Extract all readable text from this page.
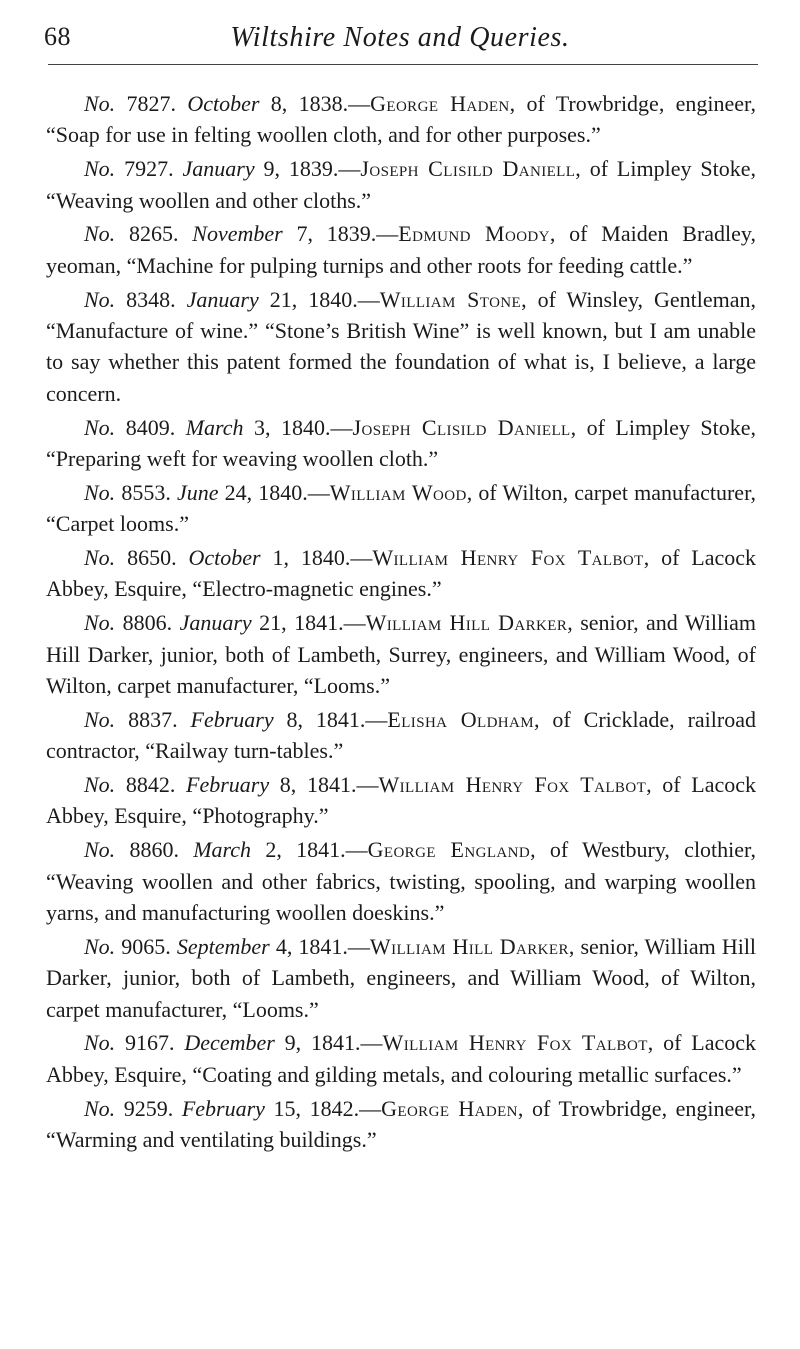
68	Wiltshire Notes and Queries.

No. 7827. October 8, 1838.—George Haden, of Trowbridge, engineer, “Soap for use in felting woollen cloth, and for other purposes.”

No. 7927. January 9, 1839.—Joseph Clisild Daniell, of Limpley Stoke, “Weaving woollen and other cloths.”

No. 8265. November 7, 1839.—Edmund Moody, of Maiden Bradley, yeoman, “Machine for pulping turnips and other roots for feeding cattle.”

No. 8348. January 21, 1840.—William Stone, of Winsley, Gentleman, “Manufacture of wine.” “Stone’s British Wine” is well known, but I am unable to say whether this patent formed the foundation of what is, I believe, a large concern.

No. 8409. March 3, 1840.—Joseph Clisild Daniell, of Limpley Stoke, “Preparing weft for weaving woollen cloth.”

No. 8553. June 24, 1840.—William Wood, of Wilton, carpet manufacturer, “Carpet looms.”

No. 8650. October 1, 1840.—William Henry Fox Talbot, of Lacock Abbey, Esquire, “Electro-magnetic engines.”

No. 8806. January 21, 1841.—William Hill Darker, senior, and William Hill Darker, junior, both of Lambeth, Surrey, engineers, and William Wood, of Wilton, carpet manufacturer, “Looms.”

No. 8837. February 8, 1841.—Elisha Oldham, of Cricklade, railroad contractor, “Railway turn-tables.”

No. 8842. February 8, 1841.—William Henry Fox Talbot, of Lacock Abbey, Esquire, “Photography.”

No. 8860. March 2, 1841.—George England, of Westbury, clothier, “Weaving woollen and other fabrics, twisting, spooling, and warping woollen yarns, and manufacturing woollen doeskins.”

No. 9065. September 4, 1841.—William Hill Darker, senior, William Hill Darker, junior, both of Lambeth, engineers, and William Wood, of Wilton, carpet manufacturer, “Looms.”

No. 9167. December 9, 1841.—William Henry Fox Talbot, of Lacock Abbey, Esquire, “Coating and gilding metals, and colouring metallic surfaces.”

No. 9259. February 15, 1842.—George Haden, of Trowbridge, engineer, “Warming and ventilating buildings.”
